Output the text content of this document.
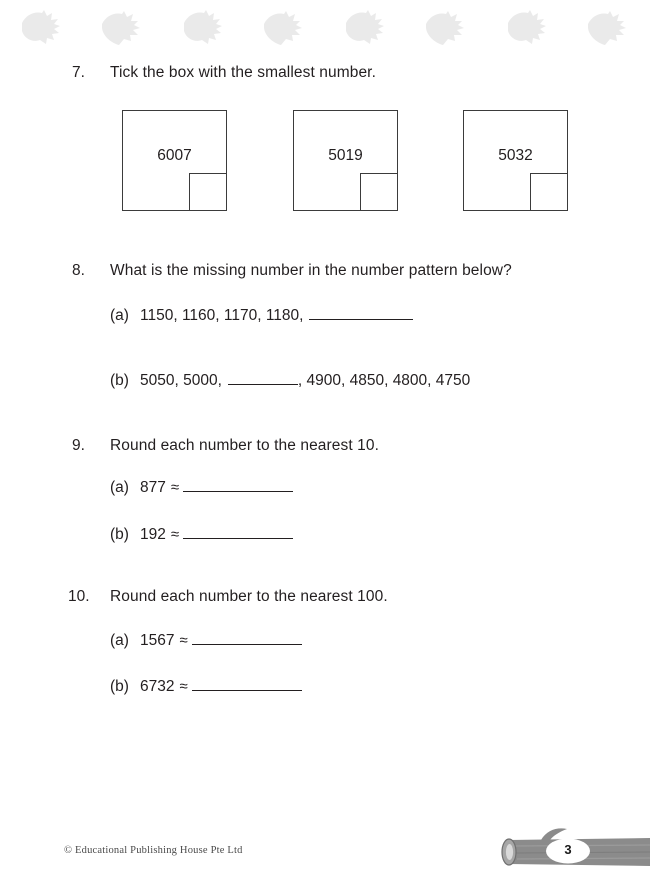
7.	Tick the box with the smallest number.
6007	5019	5032
8.	What is the missing number in the number pattern below?
(a) 1150, 1160, 1170, 1180,
(b) 5050, 5000,	, 4900, 4850, 4800, 4750
9.	Round each number to the nearest 10.
(a) 877 ≈
(b) 192 ≈
10.	Round each number to the nearest 100.
(a) 1567 ≈
(b) 6732 ≈
© Educational Publishing House Pte Ltd	3
